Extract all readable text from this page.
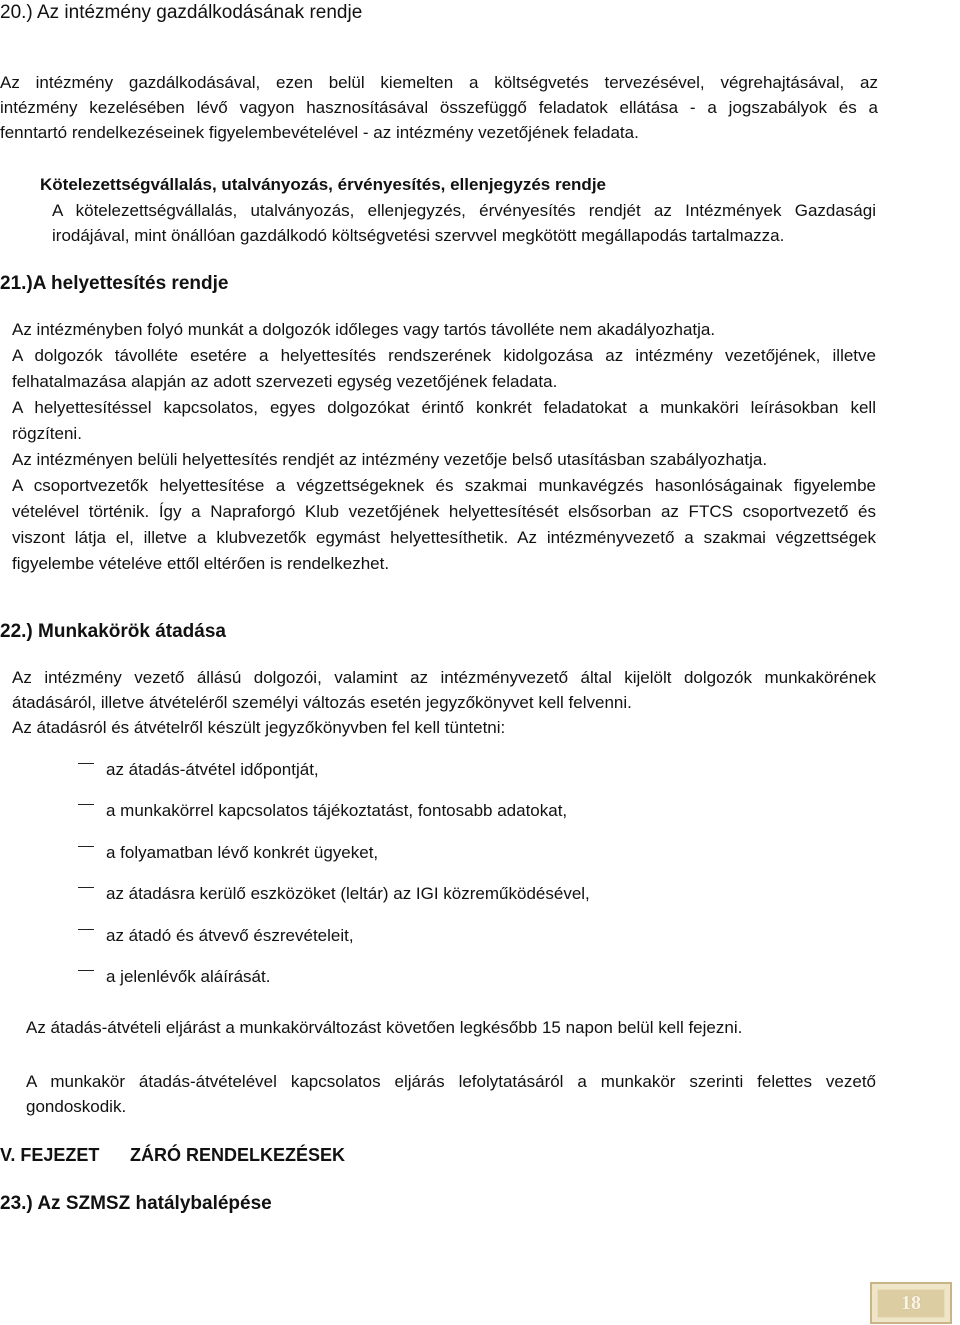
20.) Az intézmény gazdálkodásának rendje
Az intézmény gazdálkodásával, ezen belül kiemelten a költségvetés tervezésével, végrehajtásával, az
intézmény kezelésében lévő vagyon hasznosításával összefüggő feladatok ellátása - a jogszabályok és a
fenntartó rendelkezéseinek figyelembevételével - az intézmény vezetőjének feladata.
Kötelezettségvállalás, utalványozás, érvényesítés, ellenjegyzés rendje
A kötelezettségvállalás, utalványozás, ellenjegyzés, érvényesítés rendjét az Intézmények Gazdasági
irodájával, mint önállóan gazdálkodó költségvetési szervvel megkötött megállapodás tartalmazza.
21.)A helyettesítés rendje
Az intézményben folyó munkát a dolgozók időleges vagy tartós távolléte nem akadályozhatja.
A dolgozók távolléte esetére a helyettesítés rendszerének kidolgozása az intézmény vezetőjének, illetve
felhatalmazása alapján az adott szervezeti egység vezetőjének feladata.
A helyettesítéssel kapcsolatos, egyes dolgozókat érintő konkrét feladatokat a munkaköri leírásokban kell
rögzíteni.
Az intézményen belüli helyettesítés rendjét az intézmény vezetője belső utasításban szabályozhatja.
A csoportvezetők helyettesítése a végzettségeknek és szakmai munkavégzés hasonlóságainak figyelembe
vételével történik. Így a Napraforgó Klub vezetőjének helyettesítését elsősorban az FTCS csoportvezető és
viszont látja el, illetve a klubvezetők egymást helyettesíthetik. Az intézményvezető a szakmai végzettségek
figyelembe vételéve ettől eltérően is rendelkezhet.
22.) Munkakörök átadása
Az intézmény vezető állású dolgozói, valamint az intézményvezető által kijelölt dolgozók munkakörének
átadásáról, illetve átvételéről személyi változás esetén jegyzőkönyvet kell felvenni.
Az átadásról és átvételről készült jegyzőkönyvben fel kell tüntetni:
az átadás-átvétel időpontját,
a munkakörrel kapcsolatos tájékoztatást, fontosabb adatokat,
a folyamatban lévő konkrét ügyeket,
az átadásra kerülő eszközöket (leltár) az IGI közreműködésével,
az átadó és átvevő észrevételeit,
a jelenlévők aláírását.
Az átadás-átvételi eljárást a munkakörváltozást követően legkésőbb 15 napon belül ke​ll fejezni.
A munkakör átadás-átvételével kapcsolatos eljárás lefolytatásáról a munkakör szerinti felettes vezető
gondoskodik.
V. FEJEZET ZÁRÓ RENDELKEZÉSEK
23.) Az SZMSZ hatálybalépése
18
